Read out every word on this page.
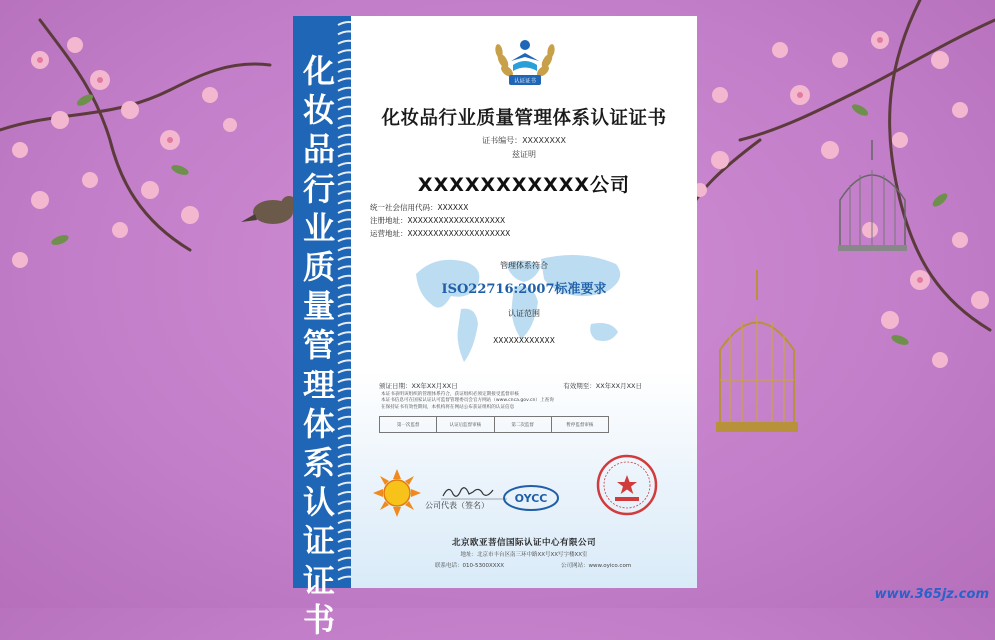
化
妆
品
行
业
质
量
管
理
体
系
认
证
证
书
认证证书
化妆品行业质量管理体系认证证书
证书编号：XXXXXXXX
兹证明
XXXXXXXXXXX公司
统一社会信用代码：XXXXXX
注册地址：XXXXXXXXXXXXXXXXXXX
运营地址：XXXXXXXXXXXXXXXXXXXX
管理体系符合
ISO22716:2007标准要求
认证范围
XXXXXXXXXXXX
颁证日期：XX年XX月XX日	有效期至：XX年XX月XX日
本证书表明该组织的管理体系符合，获证组织必须定期接受监督审核
本证书信息可在国家认证认可监督管理委员会官方网站（www.cnca.gov.cn）上查询
在保持证书有效性期间，本机构将在网站公布获证组织的认证信息
第一次监督	认证后监督审核	第二次监督	暂停监督审核
公司代表（签名）
OYCC
北京欧亚菩信国际认证中心有限公司
地址：北京市丰台区南三环中路XX号XX写字楼XX室
联系电话：010-5300XXXX	公司网站：www.oyico.com
www.365jz.com
